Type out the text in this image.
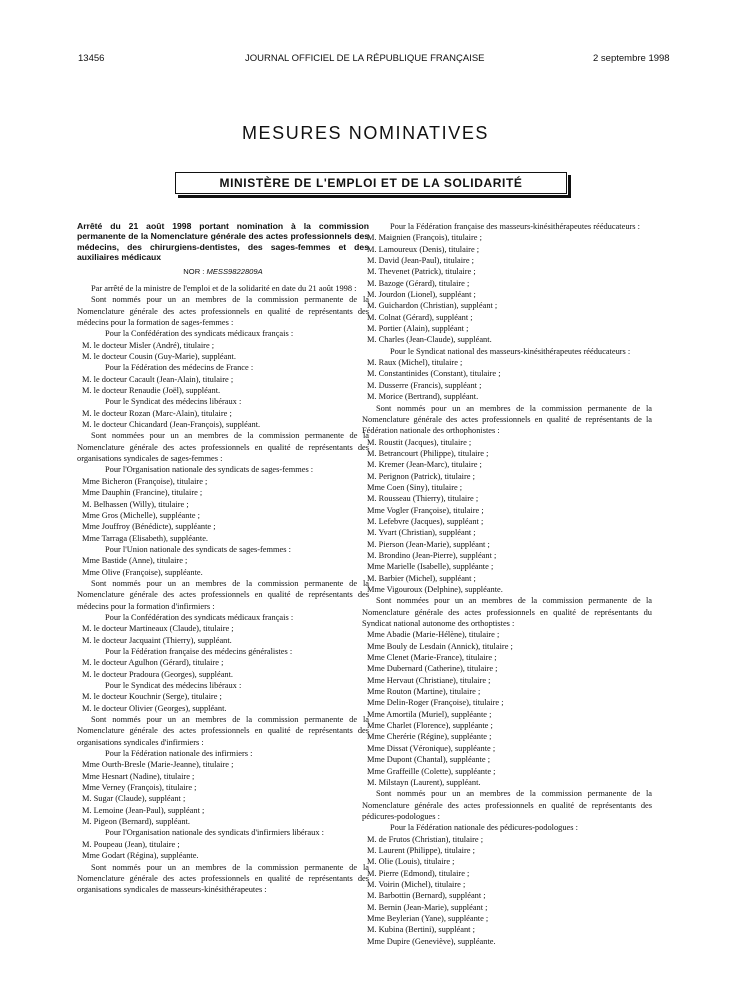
13456	JOURNAL OFFICIEL DE LA RÉPUBLIQUE FRANÇAISE	2 septembre 1998
MESURES NOMINATIVES
MINISTÈRE DE L'EMPLOI ET DE LA SOLIDARITÉ

Arrêté du 21 août 1998 portant nomination à la commission permanente de la Nomenclature générale des actes professionnels des médecins, des chirurgiens-dentistes, des sages-femmes et des auxiliaires médicaux

NOR : MESS9822809A

Par arrêté de la ministre de l'emploi et de la solidarité en date du 21 août 1998 :

Sont nommés pour un an membres de la commission permanente de la Nomenclature générale des actes professionnels en qualité de représentants des médecins pour la formation de sages-femmes :

Pour la Confédération des syndicats médicaux français :

M. le docteur Misler (André), titulaire ;

M. le docteur Cousin (Guy-Marie), suppléant.

Pour la Fédération des médecins de France :

M. le docteur Cacault (Jean-Alain), titulaire ;

M. le docteur Renaudie (Joël), suppléant.

Pour le Syndicat des médecins libéraux :

M. le docteur Rozan (Marc-Alain), titulaire ;

M. le docteur Chicandard (Jean-François), suppléant.

Sont nommées pour un an membres de la commission permanente de la Nomenclature générale des actes professionnels en qualité de représentants des organisations syndicales de sages-femmes :

Pour l'Organisation nationale des syndicats de sages-femmes :

Mme Bicheron (Françoise), titulaire ;

Mme Dauphin (Francine), titulaire ;

M. Belhassen (Willy), titulaire ;

Mme Gros (Michelle), suppléante ;

Mme Jouffroy (Bénédicte), suppléante ;

Mme Tarraga (Elisabeth), suppléante.

Pour l'Union nationale des syndicats de sages-femmes :

Mme Bastide (Anne), titulaire ;

Mme Olive (Françoise), suppléante.

Sont nommés pour un an membres de la commission permanente de la Nomenclature générale des actes professionnels en qualité de représentants des médecins pour la formation d'infirmiers :

Pour la Confédération des syndicats médicaux français :

M. le docteur Martineaux (Claude), titulaire ;

M. le docteur Jacquaint (Thierry), suppléant.

Pour la Fédération française des médecins généralistes :

M. le docteur Agulhon (Gérard), titulaire ;

M. le docteur Pradoura (Georges), suppléant.

Pour le Syndicat des médecins libéraux :

M. le docteur Kouchnir (Serge), titulaire ;

M. le docteur Olivier (Georges), suppléant.

Sont nommés pour un an membres de la commission permanente de la Nomenclature générale des actes professionnels en qualité de représentants des organisations syndicales d'infirmiers :

Pour la Fédération nationale des infirmiers :

Mme Ourth-Bresle (Marie-Jeanne), titulaire ;

Mme Hesnart (Nadine), titulaire ;

Mme Verney (François), titulaire ;

M. Sugar (Claude), suppléant ;

M. Lemoine (Jean-Paul), suppléant ;

M. Pigeon (Bernard), suppléant.

Pour l'Organisation nationale des syndicats d'infirmiers libéraux :

M. Poupeau (Jean), titulaire ;

Mme Godart (Régina), suppléante.

Sont nommés pour un an membres de la commission permanente de la Nomenclature générale des actes professionnels en qualité de représentants des organisations syndicales de masseurs-kinésithérapeutes :

Pour la Fédération française des masseurs-kinésithérapeutes rééducateurs :

M. Maignien (François), titulaire ;

M. Lamoureux (Denis), titulaire ;

M. David (Jean-Paul), titulaire ;

M. Thevenet (Patrick), titulaire ;

M. Bazoge (Gérard), titulaire ;

M. Jourdon (Lionel), suppléant ;

M. Guichardon (Christian), suppléant ;

M. Colnat (Gérard), suppléant ;

M. Portier (Alain), suppléant ;

M. Charles (Jean-Claude), suppléant.

Pour le Syndicat national des masseurs-kinésithérapeutes rééducateurs :

M. Raux (Michel), titulaire ;

M. Constantinides (Constant), titulaire ;

M. Dusserre (Francis), suppléant ;

M. Morice (Bertrand), suppléant.

Sont nommés pour un an membres de la commission permanente de la Nomenclature générale des actes professionnels en qualité de représentants de la Fédération nationale des orthophonistes :

M. Roustit (Jacques), titulaire ;

M. Betrancourt (Philippe), titulaire ;

M. Kremer (Jean-Marc), titulaire ;

M. Perignon (Patrick), titulaire ;

Mme Coen (Siny), titulaire ;

M. Rousseau (Thierry), titulaire ;

Mme Vogler (Françoise), titulaire ;

M. Lefebvre (Jacques), suppléant ;

M. Yvart (Christian), suppléant ;

M. Pierson (Jean-Marie), suppléant ;

M. Brondino (Jean-Pierre), suppléant ;

Mme Marielle (Isabelle), suppléante ;

M. Barbier (Michel), suppléant ;

Mme Vigouroux (Delphine), suppléante.

Sont nommées pour un an membres de la commission permanente de la Nomenclature générale des actes professionnels en qualité de représentants du Syndicat national autonome des orthoptistes :

Mme Abadie (Marie-Hélène), titulaire ;

Mme Bouly de Lesdain (Annick), titulaire ;

Mme Clenet (Marie-France), titulaire ;

Mme Dubernard (Catherine), titulaire ;

Mme Hervaut (Christiane), titulaire ;

Mme Routon (Martine), titulaire ;

Mme Delin-Roger (Françoise), titulaire ;

Mme Amortila (Muriel), suppléante ;

Mme Charlet (Florence), suppléante ;

Mme Cherérie (Régine), suppléante ;

Mme Dissat (Véronique), suppléante ;

Mme Dupont (Chantal), suppléante ;

Mme Graffeille (Colette), suppléante ;

M. Milstayn (Laurent), suppléant.

Sont nommés pour un an membres de la commission permanente de la Nomenclature générale des actes professionnels en qualité de représentants des pédicures-podologues :

Pour la Fédération nationale des pédicures-podologues :

M. de Frutos (Christian), titulaire ;

M. Laurent (Philippe), titulaire ;

M. Olie (Louis), titulaire ;

M. Pierre (Edmond), titulaire ;

M. Voirin (Michel), titulaire ;

M. Barbottin (Bernard), suppléant ;

M. Bernin (Jean-Marie), suppléant ;

Mme Beylerian (Yane), suppléante ;

M. Kubina (Bertini), suppléant ;

Mme Dupire (Geneviève), suppléante.
